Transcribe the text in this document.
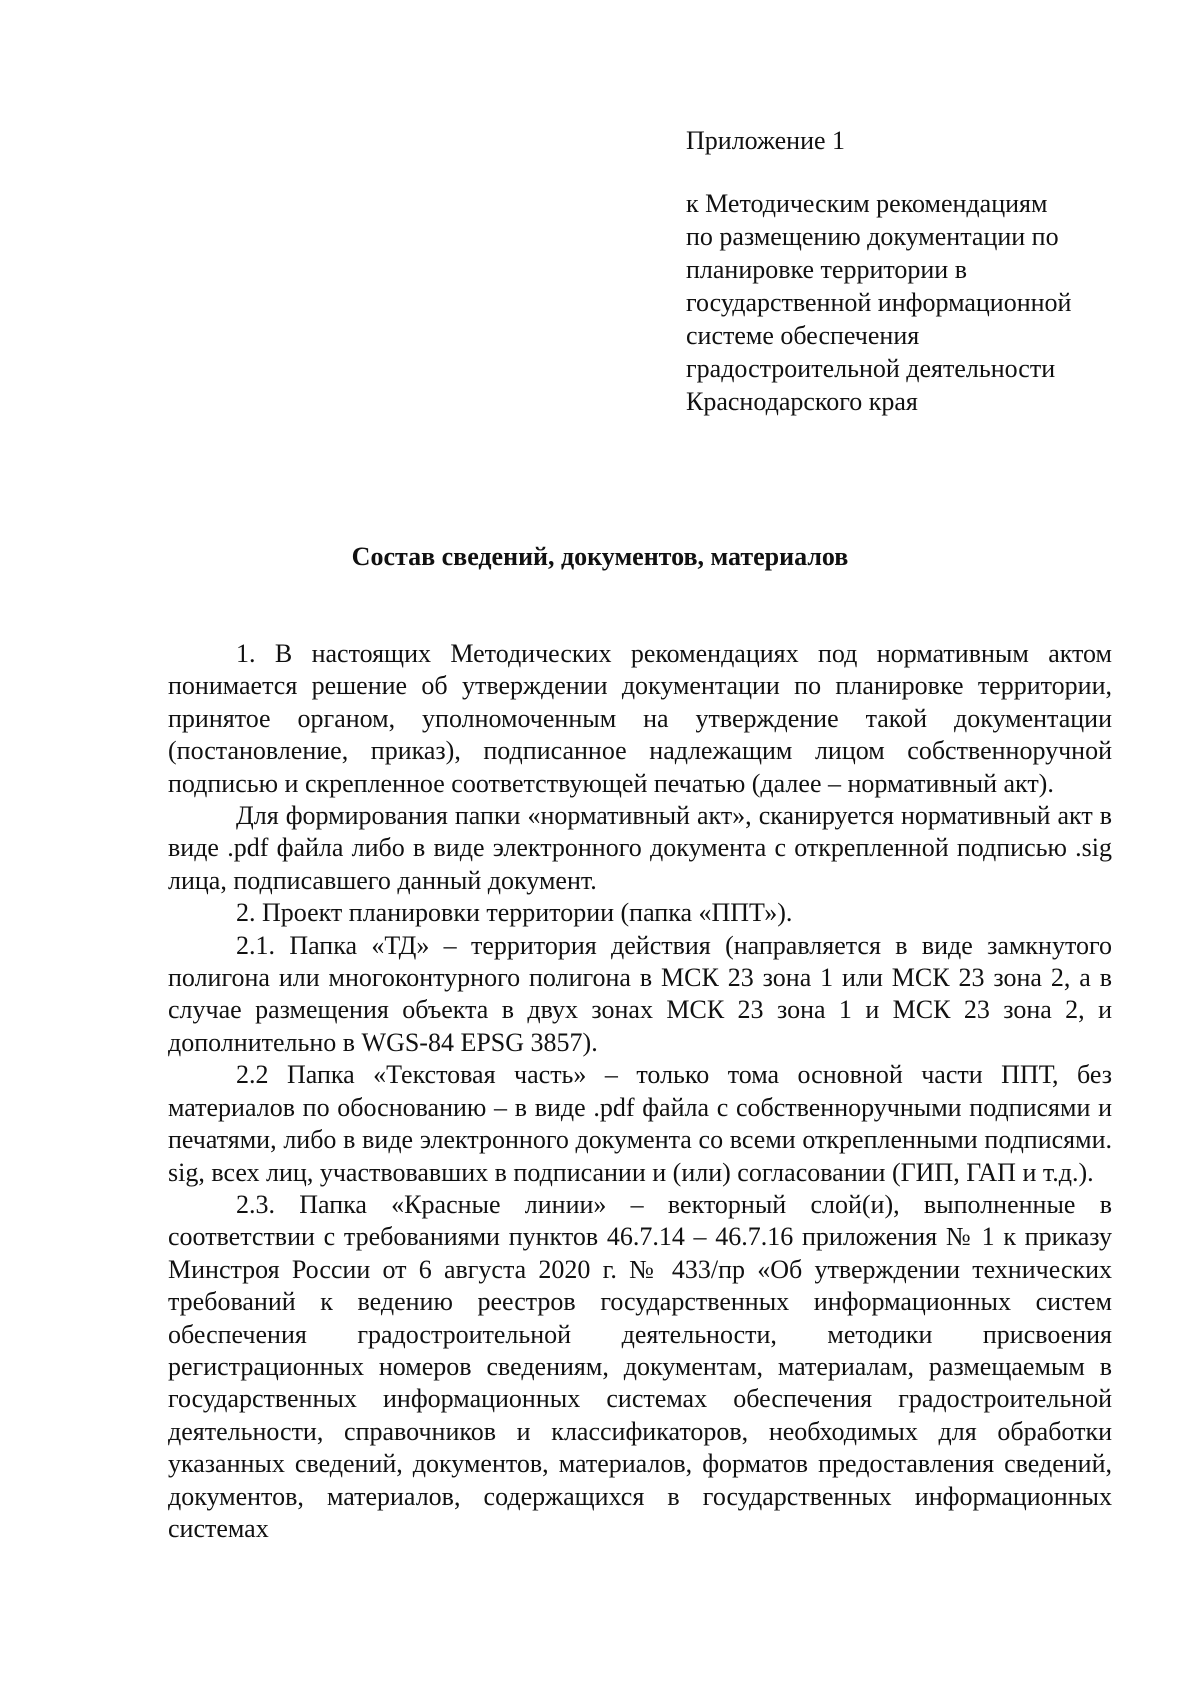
Приложение 1
к Методическим рекомендациям
по размещению документации по
планировке территории в
государственной информационной
системе обеспечения
градостроительной деятельности
Краснодарского края
Состав сведений, документов, материалов

1. В настоящих Методических рекомендациях под нормативным актом понимается решение об утверждении документации по планировке территории, принятое органом, уполномоченным на утверждение такой документации (постановление, приказ), подписанное надлежащим лицом собственноручной подписью и скрепленное соответствующей печатью (далее – нормативный акт).

Для формирования папки «нормативный акт», сканируется нормативный акт в виде .pdf файла либо в виде электронного документа с открепленной подписью .sig лица, подписавшего данный документ.

2. Проект планировки территории (папка «ППТ»).

2.1. Папка «ТД» – территория действия (направляется в виде замкнутого полигона или многоконтурного полигона в МСК 23 зона 1 или МСК 23 зона 2, а в случае размещения объекта в двух зонах МСК 23 зона 1 и МСК 23 зона 2, и дополнительно в WGS-84 EPSG 3857).

2.2 Папка «Текстовая часть» – только тома основной части ППТ, без материалов по обоснованию – в виде .pdf файла с собственноручными подписями и печатями, либо в виде электронного документа со всеми открепленными подписями. sig, всех лиц, участвовавших в подписании и (или) согласовании (ГИП, ГАП и т.д.).

2.3. Папка «Красные линии» – векторный слой(и), выполненные в соответствии с требованиями пунктов 46.7.14 – 46.7.16 приложения № 1 к приказу Минстроя России от 6 августа 2020 г. № 433/пр «Об утверждении технических требований к ведению реестров государственных информационных систем обеспечения градостроительной деятельности, методики присвоения регистрационных номеров сведениям, документам, материалам, размещаемым в государственных информационных системах обеспечения градостроительной деятельности, справочников и классификаторов, необходимых для обработки указанных сведений, документов, материалов, форматов предоставления сведений, документов, материалов, содержащихся в государственных информационных системах
